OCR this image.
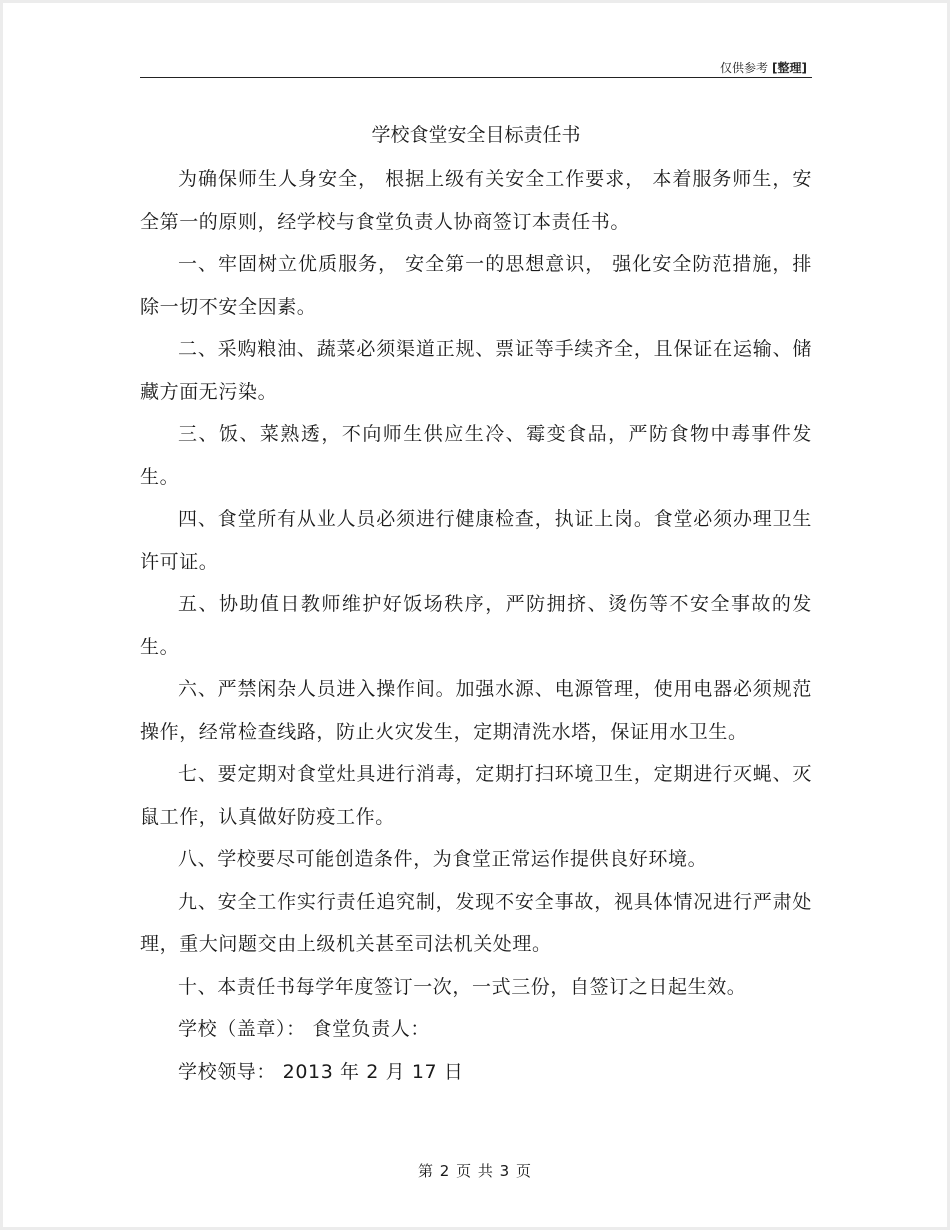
仅供参考 [整理]
学校食堂安全目标责任书

为确保师生人身安全， 根据上级有关安全工作要求， 本着服务师生，安全第一的原则，经学校与食堂负责人协商签订本责任书。

一、牢固树立优质服务， 安全第一的思想意识， 强化安全防范措施，排除一切不安全因素。

二、采购粮油、蔬菜必须渠道正规、票证等手续齐全，且保证在运输、储藏方面无污染。

三、饭、菜熟透，不向师生供应生冷、霉变食品，严防食物中毒事件发生。

四、食堂所有从业人员必须进行健康检查，执证上岗。食堂必须办理卫生许可证。

五、协助值日教师维护好饭场秩序，严防拥挤、烫伤等不安全事故的发生。

六、严禁闲杂人员进入操作间。加强水源、电源管理，使用电器必须规范操作，经常检查线路，防止火灾发生，定期清洗水塔，保证用水卫生。

七、要定期对食堂灶具进行消毒，定期打扫环境卫生，定期进行灭蝇、灭鼠工作，认真做好防疫工作。

八、学校要尽可能创造条件，为食堂正常运作提供良好环境。

九、安全工作实行责任追究制，发现不安全事故，视具体情况进行严肃处理，重大问题交由上级机关甚至司法机关处理。

十、本责任书每学年度签订一次，一式三份，自签订之日起生效。

学校（盖章）： 食堂负责人：

学校领导： 2013 年 2 月 17 日

第 2 页 共 3 页
